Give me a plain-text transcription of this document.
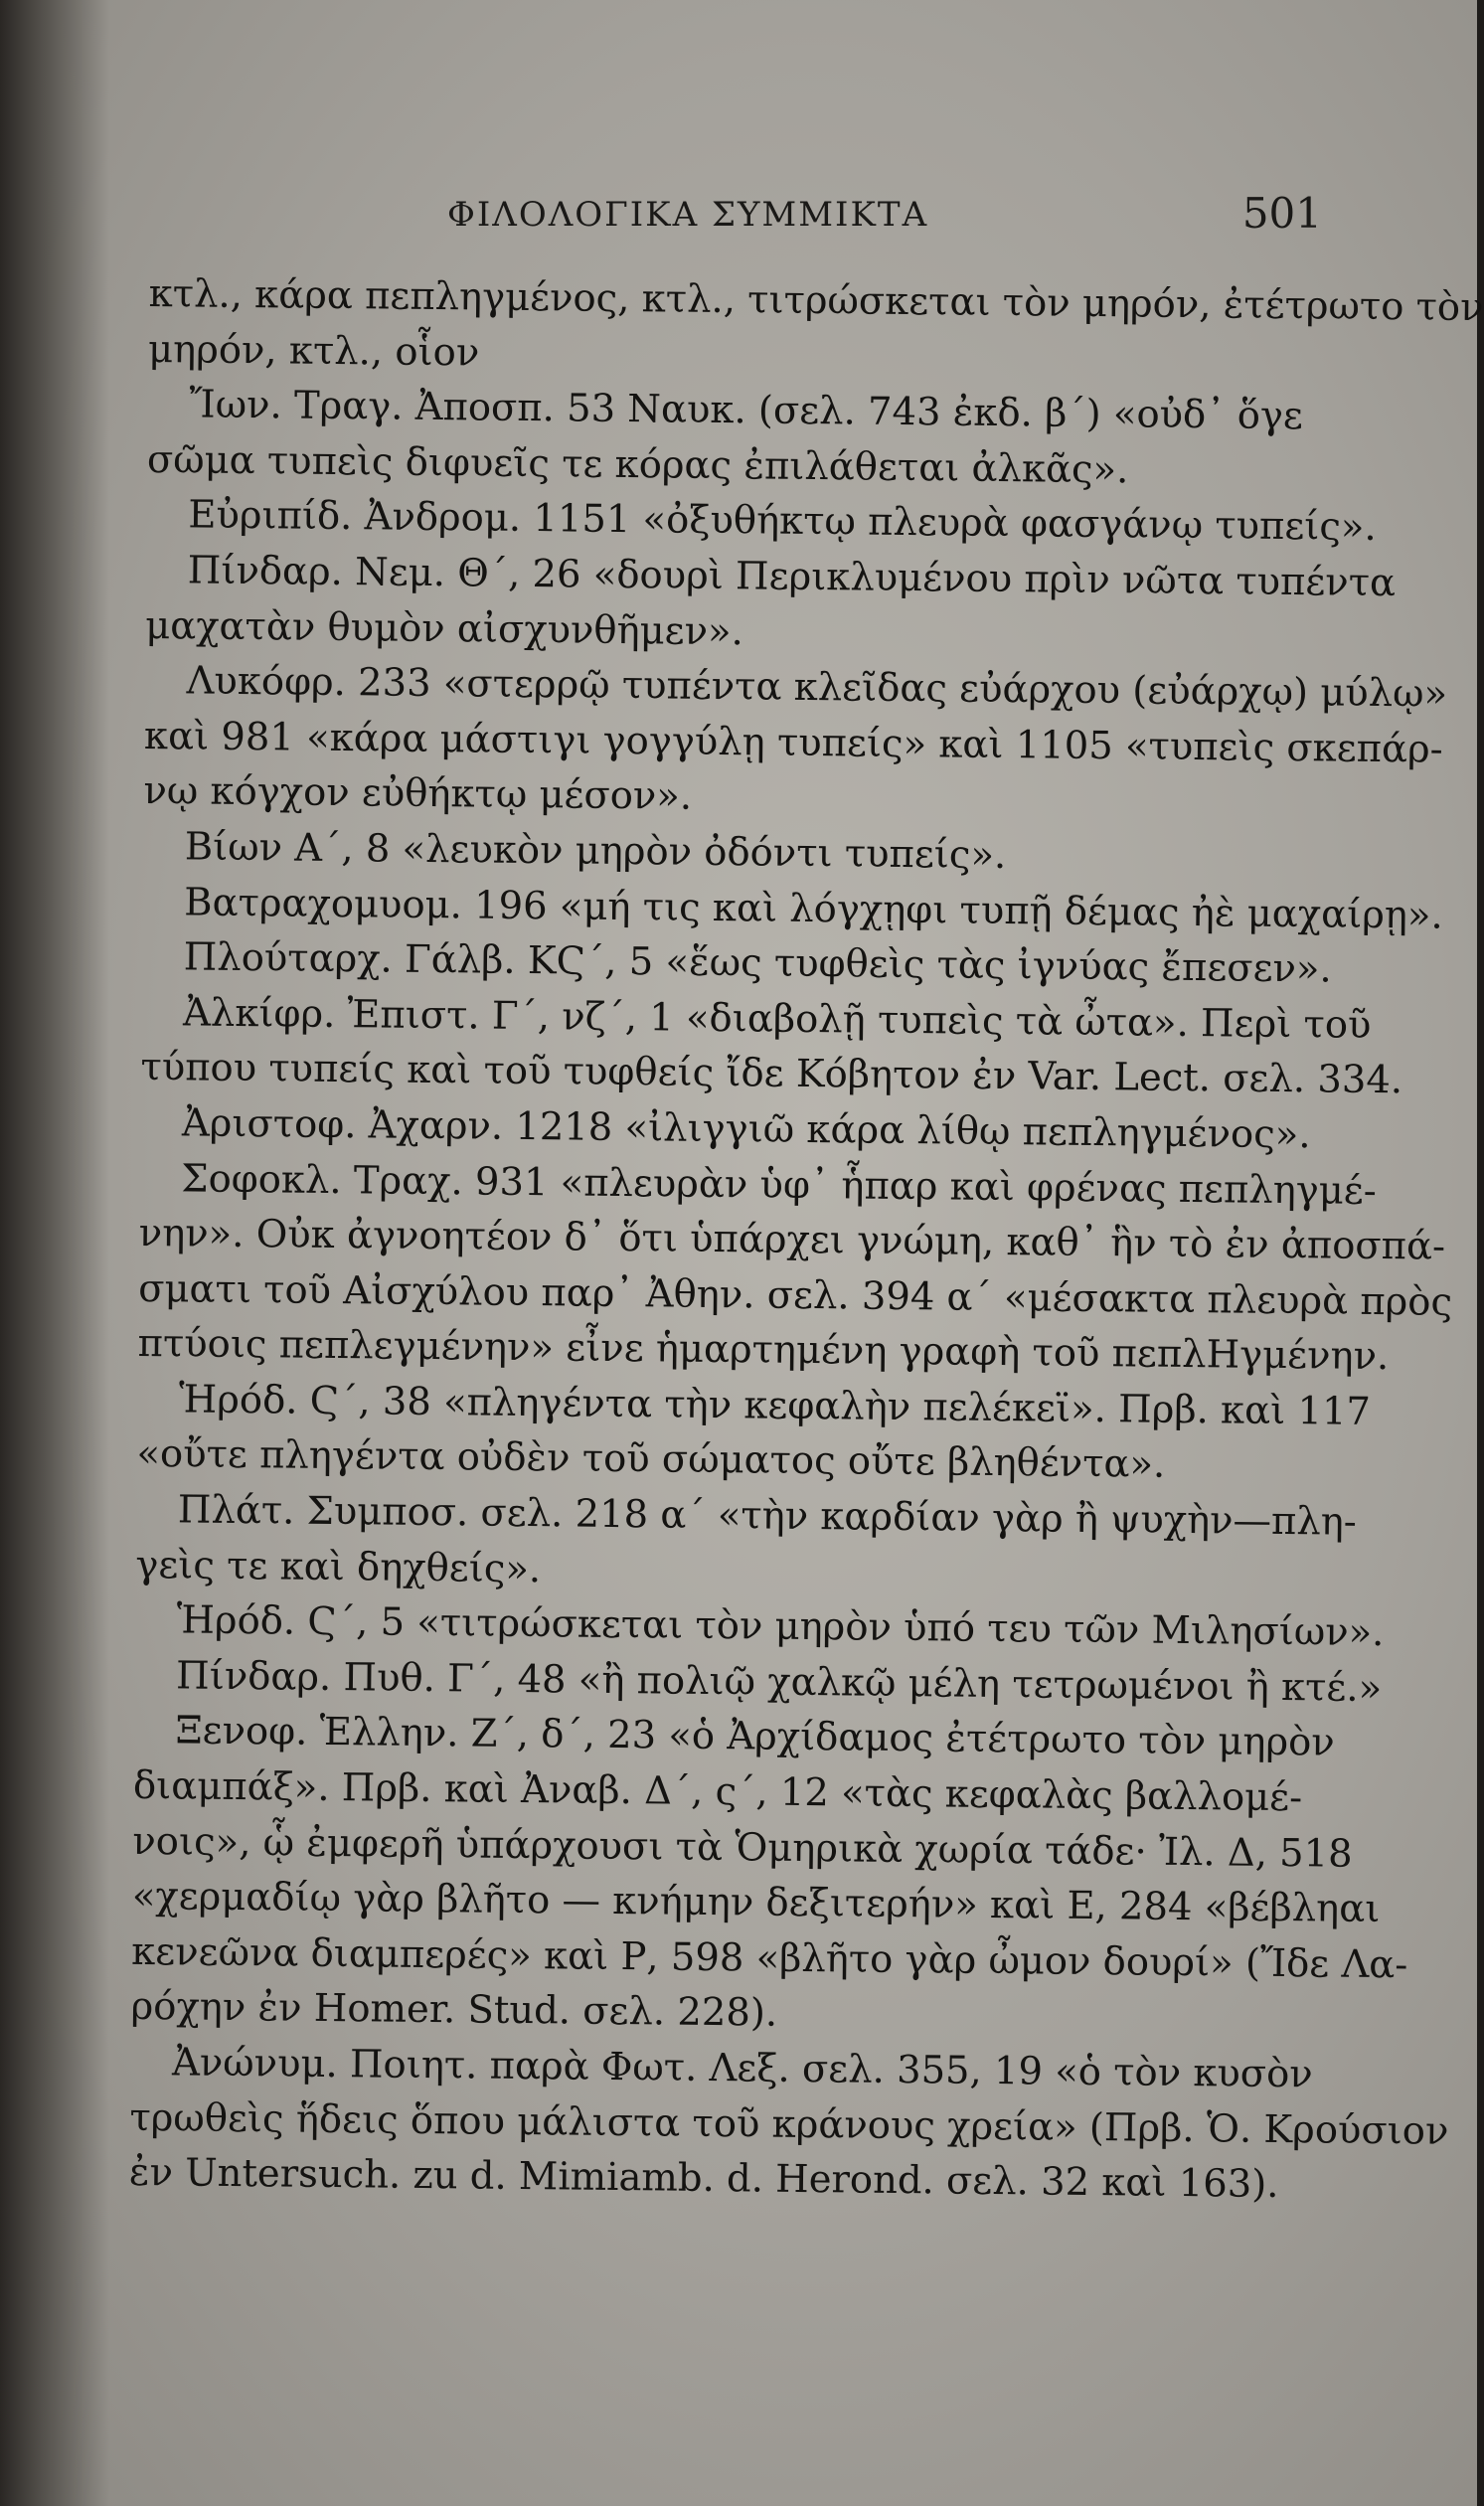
ΦΙΛΟΛΟΓΙΚΑ ΣΥΜΜΙΚΤΑ	501
κτλ., κάρα πεπληγμένος, κτλ., τιτρώσκεται τὸν μηρόν, ἐτέτρωτο τὸν
μηρόν, κτλ., οἷον
Ἴων. Τραγ. Ἀποσπ. 53 Ναυκ. (σελ. 743 ἐκδ. β΄) «οὐδ᾽ ὅγε
σῶμα τυπεὶς διφυεῖς τε κόρας ἐπιλάθεται ἀλκᾶς».
Εὐριπίδ. Ἀνδρομ. 1151 «ὀξυθήκτῳ πλευρὰ φασγάνῳ τυπείς».
Πίνδαρ. Νεμ. Θ΄, 26 «δουρὶ Περικλυμένου πρὶν νῶτα τυπέντα
μαχατὰν θυμὸν αἰσχυνθῆμεν».
Λυκόφρ. 233 «στερρῷ τυπέντα κλεῖδας εὐάρχου (εὐάρχῳ) μύλῳ»
καὶ 981 «κάρα μάστιγι γογγύλῃ τυπείς» καὶ 1105 «τυπεὶς σκεπάρ-
νῳ κόγχον εὐθήκτῳ μέσον».
Βίων Α΄, 8 «λευκὸν μηρὸν ὀδόντι τυπείς».
Βατραχομυομ. 196 «μή τις καὶ λόγχῃφι τυπῇ δέμας ἠὲ μαχαίρῃ».
Πλούταρχ. Γάλβ. ΚϚ΄, 5 «ἕως τυφθεὶς τὰς ἰγνύας ἔπεσεν».
Ἀλκίφρ. Ἐπιστ. Γ΄, νζ΄, 1 «διαβολῇ τυπεὶς τὰ ὦτα». Περὶ τοῦ
τύπου τυπείς καὶ τοῦ τυφθείς ἴδε Κόβητον ἐν Var. Lect. σελ. 334.
Ἀριστοφ. Ἀχαρν. 1218 «ἰλιγγιῶ κάρα λίθῳ πεπληγμένος».
Σοφοκλ. Τραχ. 931 «πλευρὰν ὑφ᾽ ἧπαρ καὶ φρένας πεπληγμέ-
νην». Οὐκ ἀγνοητέον δ᾽ ὅτι ὑπάρχει γνώμη, καθ᾽ ἣν τὸ ἐν ἀποσπά-
σματι τοῦ Αἰσχύλου παρ᾽ Ἀθην. σελ. 394 α΄ «μέσακτα πλευρὰ πρὸς
πτύοις πεπλεγμένην» εἶνε ἡμαρτημένη γραφὴ τοῦ πεπλΗγμένην.
Ἡρόδ. Ϛ΄, 38 «πληγέντα τὴν κεφαλὴν πελέκεϊ». Πρβ. καὶ 117
«οὔτε πληγέντα οὐδὲν τοῦ σώματος οὔτε βληθέντα».
Πλάτ. Συμποσ. σελ. 218 α΄ «τὴν καρδίαν γὰρ ἢ ψυχὴν—πλη-
γεὶς τε καὶ δηχθείς».
Ἡρόδ. Ϛ΄, 5 «τιτρώσκεται τὸν μηρὸν ὑπό τευ τῶν Μιλησίων».
Πίνδαρ. Πυθ. Γ΄, 48 «ἢ πολιῷ χαλκῷ μέλη τετρωμένοι ἢ κτέ.»
Ξενοφ. Ἑλλην. Ζ΄, δ΄, 23 «ὁ Ἀρχίδαμος ἐτέτρωτο τὸν μηρὸν
διαμπάξ». Πρβ. καὶ Ἀναβ. Δ΄, ς΄, 12 «τὰς κεφαλὰς βαλλομέ-
νοις», ᾧ ἐμφερῆ ὑπάρχουσι τὰ Ὁμηρικὰ χωρία τάδε· Ἰλ. Δ, 518
«χερμαδίῳ γὰρ βλῆτο — κνήμην δεξιτερήν» καὶ Ε, 284 «βέβληαι
κενεῶνα διαμπερές» καὶ Ρ, 598 «βλῆτο γὰρ ὦμον δουρί» (Ἴδε Λα-
ρόχην ἐν Homer. Stud. σελ. 228).
Ἀνώνυμ. Ποιητ. παρὰ Φωτ. Λεξ. σελ. 355, 19 «ὁ τὸν κυσὸν
τρωθεὶς ἥδεις ὅπου μάλιστα τοῦ κράνους χρεία» (Πρβ. Ὁ. Κρούσιον
ἐν Untersuch. zu d. Mimiamb. d. Herond. σελ. 32 καὶ 163).
